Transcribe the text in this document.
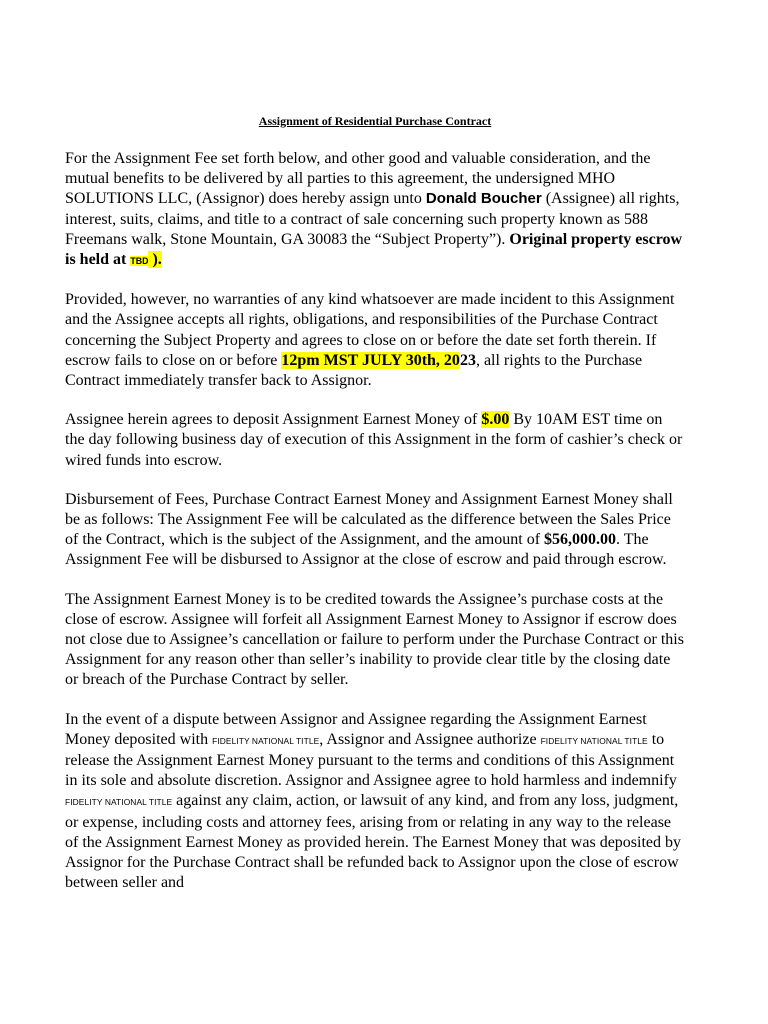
Assignment of Residential Purchase Contract

For the Assignment Fee set forth below, and other good and valuable consideration, and the mutual benefits to be delivered by all parties to this agreement, the undersigned MHO SOLUTIONS LLC, (Assignor) does hereby assign unto Donald Boucher (Assignee) all rights, interest, suits, claims, and title to a contract of sale concerning such property known as 588 Freemans walk, Stone Mountain, GA 30083 the “Subject Property”). Original property escrow is held at TBD ).

Provided, however, no warranties of any kind whatsoever are made incident to this Assignment and the Assignee accepts all rights, obligations, and responsibilities of the Purchase Contract concerning the Subject Property and agrees to close on or before the date set forth therein. If escrow fails to close on or before 12pm MST JULY 30th, 2023, all rights to the Purchase Contract immediately transfer back to Assignor.

Assignee herein agrees to deposit Assignment Earnest Money of $.00 By 10AM EST time on the day following business day of execution of this Assignment in the form of cashier’s check or wired funds into escrow.

Disbursement of Fees, Purchase Contract Earnest Money and Assignment Earnest Money shall be as follows: The Assignment Fee will be calculated as the difference between the Sales Price of the Contract, which is the subject of the Assignment, and the amount of $56,000.00. The Assignment Fee will be disbursed to Assignor at the close of escrow and paid through escrow.

The Assignment Earnest Money is to be credited towards the Assignee’s purchase costs at the close of escrow. Assignee will forfeit all Assignment Earnest Money to Assignor if escrow does not close due to Assignee’s cancellation or failure to perform under the Purchase Contract or this Assignment for any reason other than seller’s inability to provide clear title by the closing date or breach of the Purchase Contract by seller.

In the event of a dispute between Assignor and Assignee regarding the Assignment Earnest Money deposited with FIDELITY NATIONAL TITLE, Assignor and Assignee authorize FIDELITY NATIONAL TITLE to release the Assignment Earnest Money pursuant to the terms and conditions of this Assignment in its sole and absolute discretion. Assignor and Assignee agree to hold harmless and indemnify FIDELITY NATIONAL TITLE against any claim, action, or lawsuit of any kind, and from any loss, judgment, or expense, including costs and attorney fees, arising from or relating in any way to the release of the Assignment Earnest Money as provided herein. The Earnest Money that was deposited by Assignor for the Purchase Contract shall be refunded back to Assignor upon the close of escrow between seller and
